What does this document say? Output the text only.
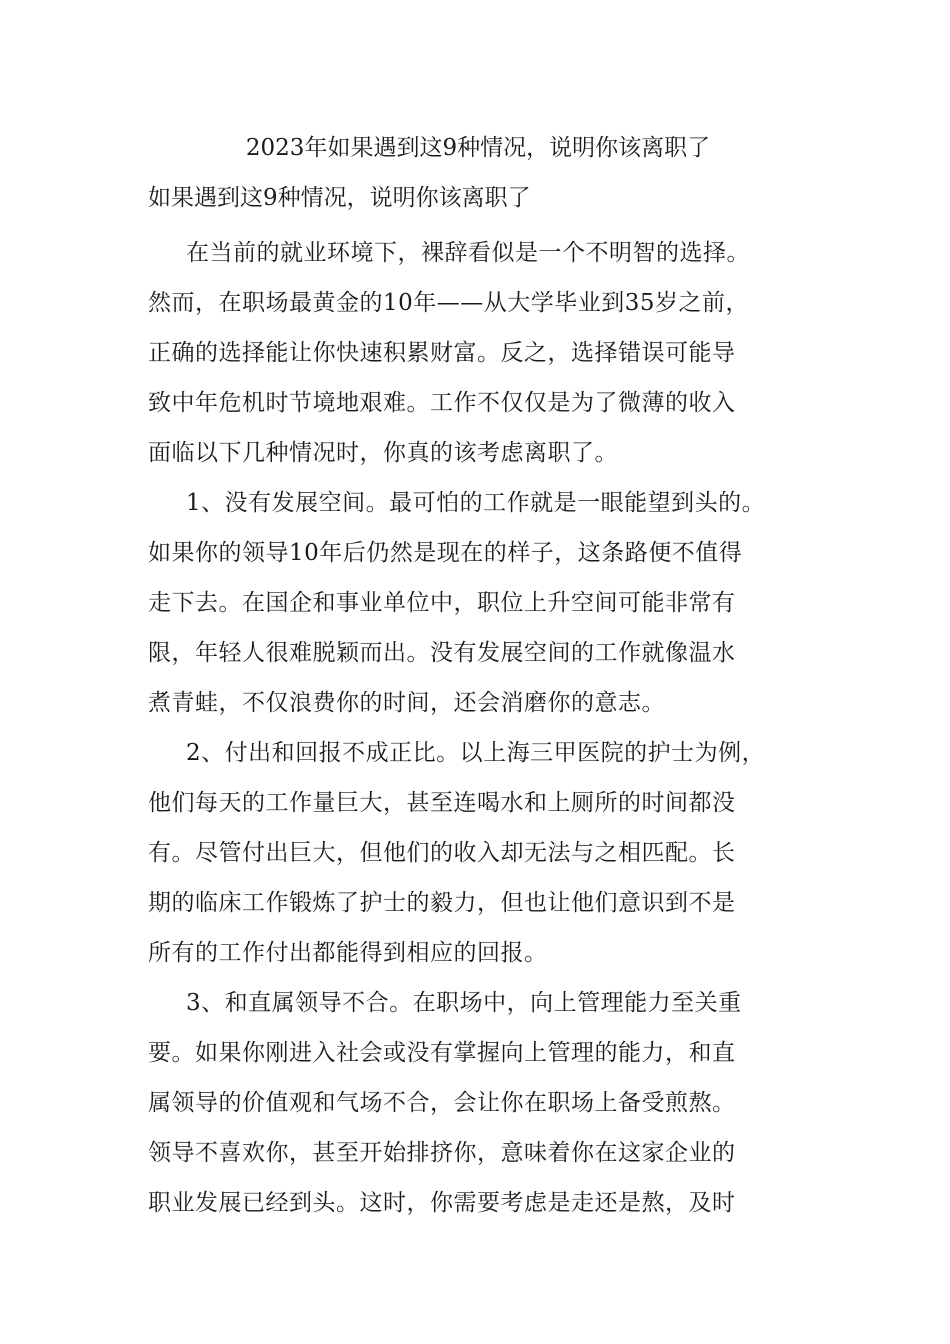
2023年如果遇到这9种情况，说明你该离职了

如果遇到这9种情况，说明你该离职了

在当前的就业环境下，裸辞看似是一个不明智的选择。
然而，在职场最黄金的10年——从大学毕业到35岁之前，
正确的选择能让你快速积累财富。反之，选择错误可能导
致中年危机时节境地艰难。工作不仅仅是为了微薄的收入
面临以下几种情况时，你真的该考虑离职了。
1、没有发展空间。最可怕的工作就是一眼能望到头的。
如果你的领导10年后仍然是现在的样子，这条路便不值得
走下去。在国企和事业单位中，职位上升空间可能非常有
限，年轻人很难脱颖而出。没有发展空间的工作就像温水
煮青蛙，不仅浪费你的时间，还会消磨你的意志。
2、付出和回报不成正比。以上海三甲医院的护士为例，
他们每天的工作量巨大，甚至连喝水和上厕所的时间都没
有。尽管付出巨大，但他们的收入却无法与之相匹配。长
期的临床工作锻炼了护士的毅力，但也让他们意识到不是
所有的工作付出都能得到相应的回报。
3、和直属领导不合。在职场中，向上管理能力至关重
要。如果你刚进入社会或没有掌握向上管理的能力，和直
属领导的价值观和气场不合，会让你在职场上备受煎熬。
领导不喜欢你，甚至开始排挤你，意味着你在这家企业的
职业发展已经到头。这时，你需要考虑是走还是熬，及时
